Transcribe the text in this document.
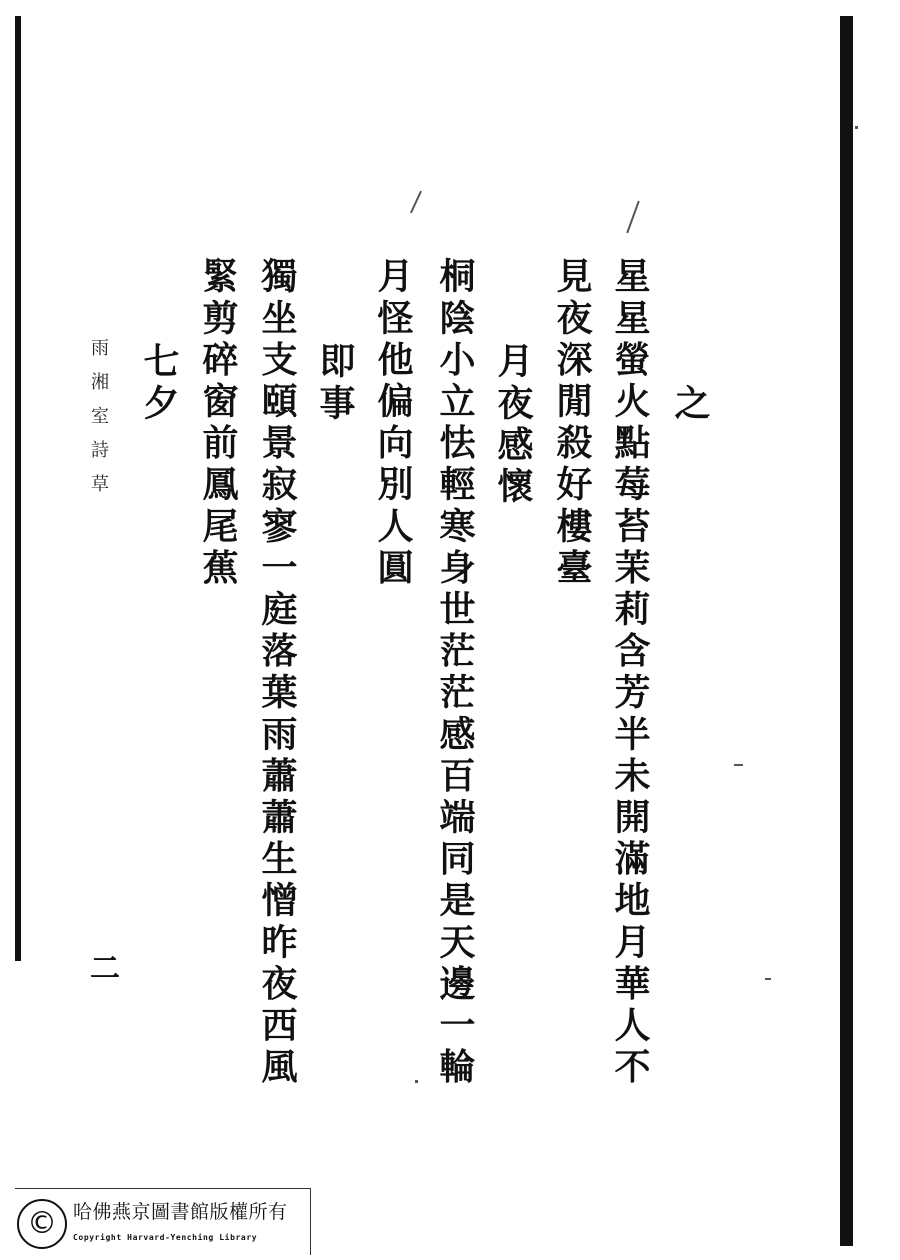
之
星星螢火點莓苔茉莉含芳半未開滿地月華人不
見夜深閒殺好樓臺
月夜感懷
桐陰小立怯輕寒身世茫茫感百端同是天邊一輪
月怪他偏向別人圓
即事
獨坐支頤景寂寥一庭落葉雨蕭蕭生憎昨夜西風
緊剪碎窗前鳳尾蕉
七夕
雨湘室詩草
二
© 哈佛燕京圖書館版權所有
Copyright Harvard-Yenching Library
